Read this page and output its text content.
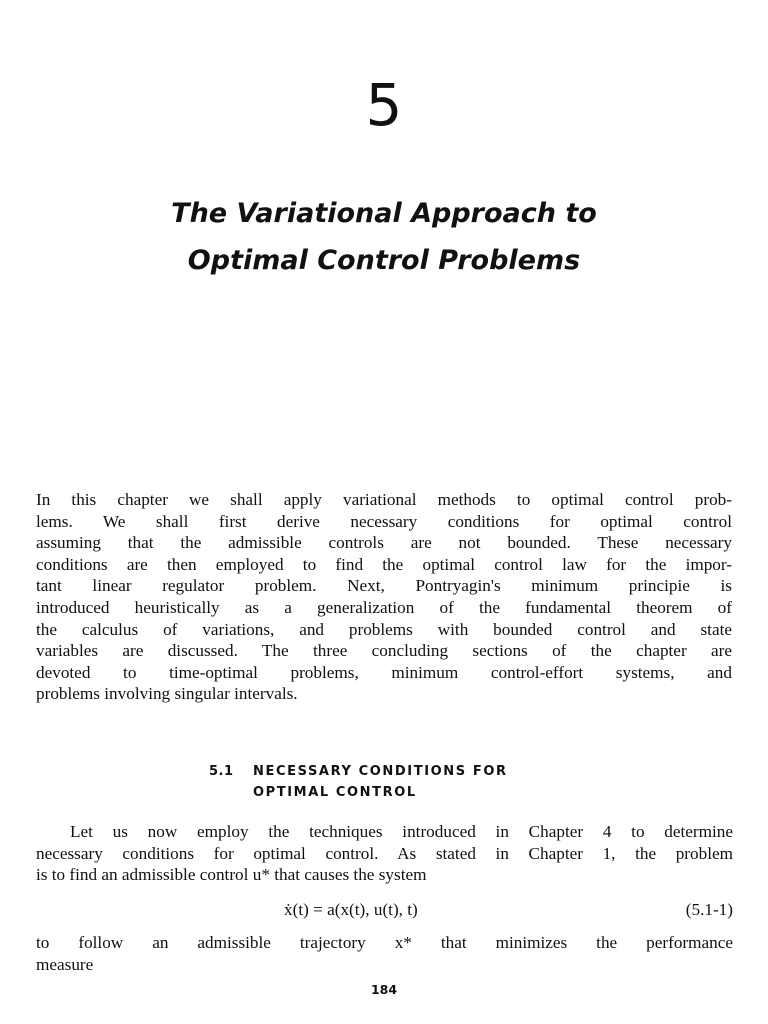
5
The Variational Approach to
Optimal Control Problems
In this chapter we shall apply variational methods to optimal control prob-
lems. We shall first derive necessary conditions for optimal control
assuming that the admissible controls are not bounded. These necessary
conditions are then employed to find the optimal control law for the impor-
tant linear regulator problem. Next, Pontryagin's minimum principie is
introduced heuristically as a generalization of the fundamental theorem of
the calculus of variations, and problems with bounded control and state
variables are discussed. The three concluding sections of the chapter are
devoted to time-optimal problems, minimum control-effort systems, and
problems involving singular intervals.
5.1 NECESSARY CONDITIONS FOR
OPTIMAL CONTROL
Let us now employ the techniques introduced in Chapter 4 to determine
necessary conditions for optimal control. As stated in Chapter 1, the problem
is to find an admissible control u* that causes the system
ẋ(t) = a(x(t), u(t), t)	(5.1-1)
to follow an admissible trajectory x* that minimizes the performance
measure
184
